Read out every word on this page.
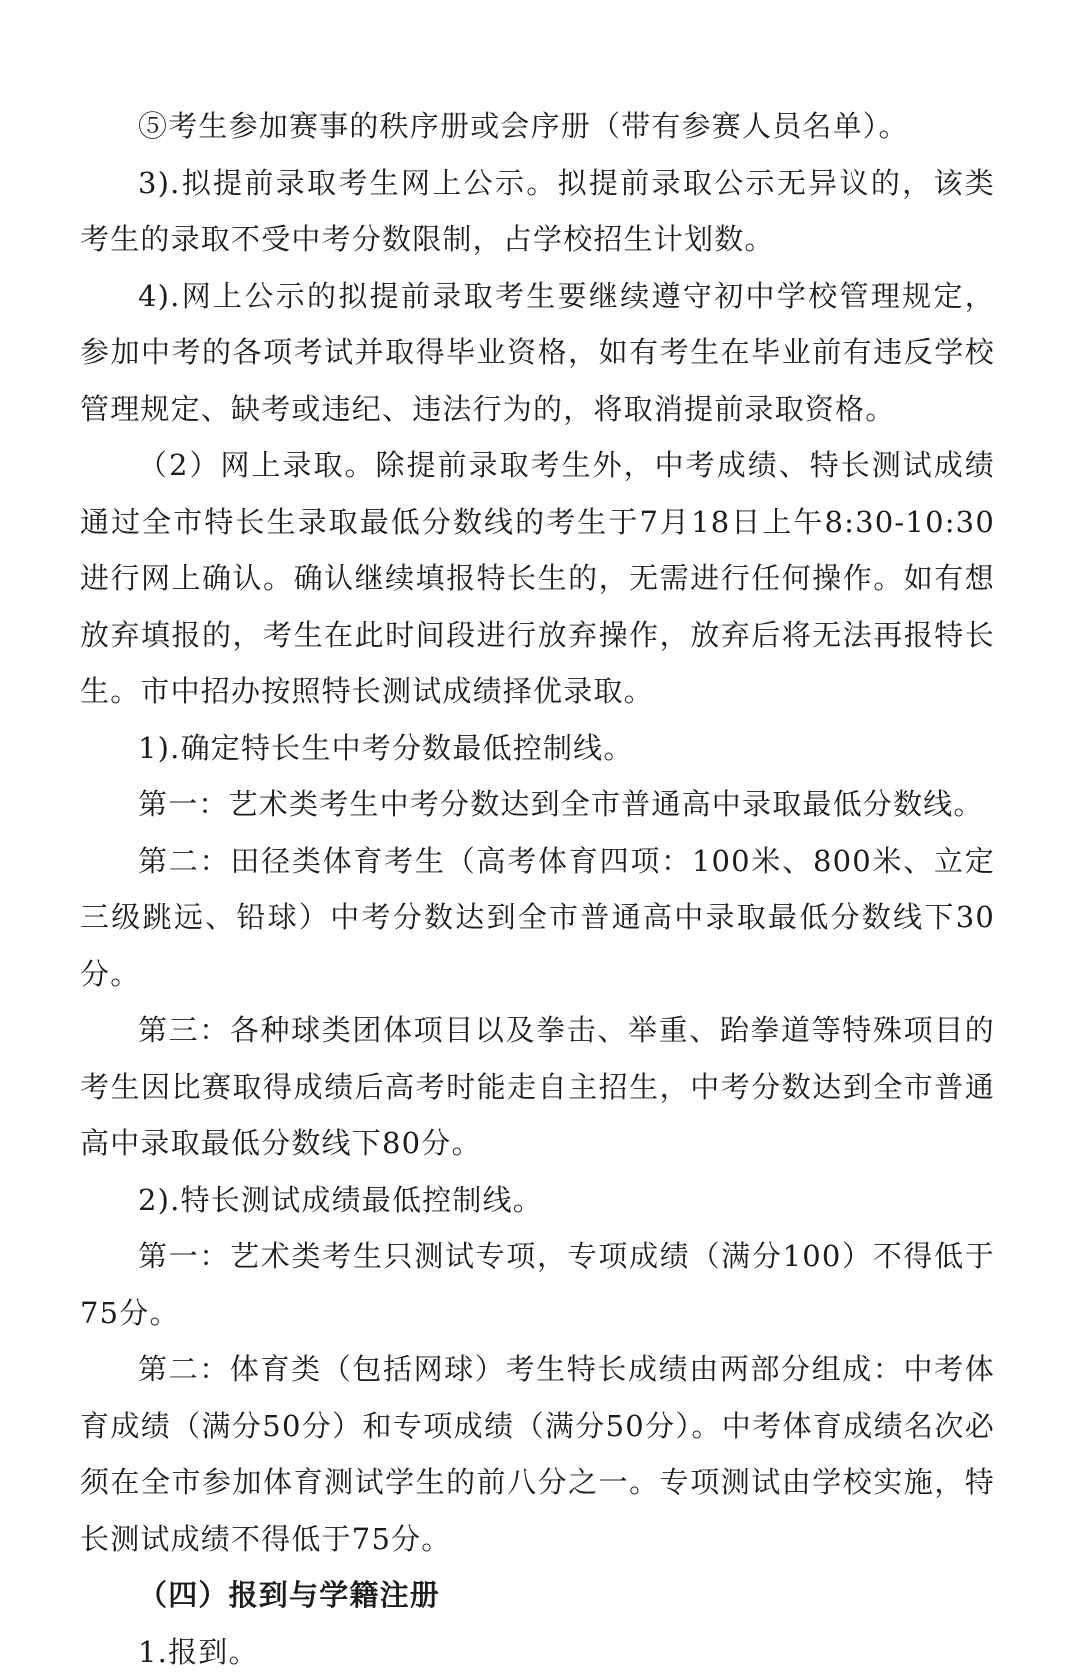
⑤考生参加赛事的秩序册或会序册（带有参赛人员名单）。

3).拟提前录取考生网上公示。拟提前录取公示无异议的，该类考生的录取不受中考分数限制，占学校招生计划数。

4).网上公示的拟提前录取考生要继续遵守初中学校管理规定，参加中考的各项考试并取得毕业资格，如有考生在毕业前有违反学校管理规定、缺考或违纪、违法行为的，将取消提前录取资格。

（2）网上录取。除提前录取考生外，中考成绩、特长测试成绩通过全市特长生录取最低分数线的考生于7月18日上午8:30-10:30进行网上确认。确认继续填报特长生的，无需进行任何操作。如有想放弃填报的，考生在此时间段进行放弃操作，放弃后将无法再报特长生。市中招办按照特长测试成绩择优录取。

1).确定特长生中考分数最低控制线。

第一：艺术类考生中考分数达到全市普通高中录取最低分数线。

第二：田径类体育考生（高考体育四项：100米、800米、立定三级跳远、铅球）中考分数达到全市普通高中录取最低分数线下30分。

第三：各种球类团体项目以及拳击、举重、跆拳道等特殊项目的考生因比赛取得成绩后高考时能走自主招生，中考分数达到全市普通高中录取最低分数线下80分。

2).特长测试成绩最低控制线。

第一：艺术类考生只测试专项，专项成绩（满分100）不得低于75分。

第二：体育类（包括网球）考生特长成绩由两部分组成：中考体育成绩（满分50分）和专项成绩（满分50分）。中考体育成绩名次必须在全市参加体育测试学生的前八分之一。专项测试由学校实施，特长测试成绩不得低于75分。

（四）报到与学籍注册

1.报到。
